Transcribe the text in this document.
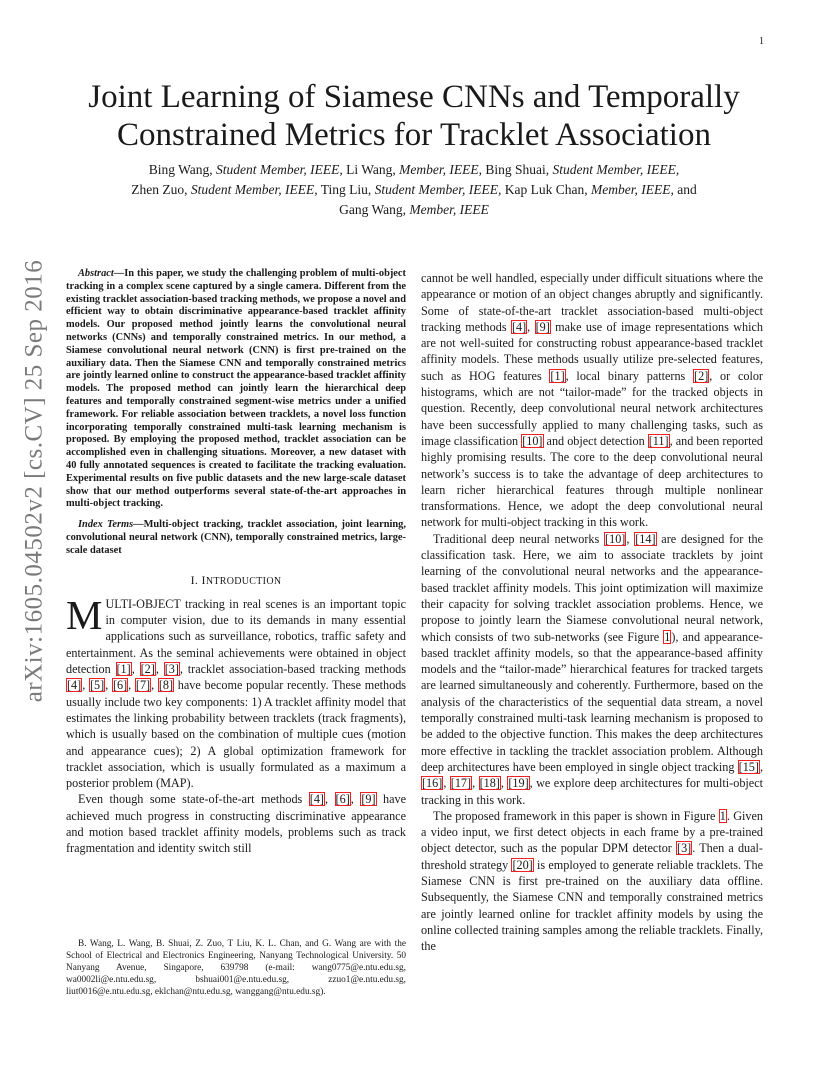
1
arXiv:1605.04502v2 [cs.CV] 25 Sep 2016
Joint Learning of Siamese CNNs and Temporally
Constrained Metrics for Tracklet Association
Bing Wang, Student Member, IEEE, Li Wang, Member, IEEE, Bing Shuai, Student Member, IEEE,
Zhen Zuo, Student Member, IEEE, Ting Liu, Student Member, IEEE, Kap Luk Chan, Member, IEEE, and
Gang Wang, Member, IEEE

Abstract—In this paper, we study the challenging problem of multi-object tracking in a complex scene captured by a single camera. Different from the existing tracklet association-based tracking methods, we propose a novel and efficient way to obtain discriminative appearance-based tracklet affinity models. Our proposed method jointly learns the convolutional neural networks (CNNs) and temporally constrained metrics. In our method, a Siamese convolutional neural network (CNN) is first pre-trained on the auxiliary data. Then the Siamese CNN and temporally constrained metrics are jointly learned online to construct the appearance-based tracklet affinity models. The proposed method can jointly learn the hierarchical deep features and temporally constrained segment-wise metrics under a unified framework. For reliable association between tracklets, a novel loss function incorporating temporally constrained multi-task learning mechanism is proposed. By employing the proposed method, tracklet association can be accomplished even in challenging situations. Moreover, a new dataset with 40 fully annotated sequences is created to facilitate the tracking evaluation. Experimental results on five public datasets and the new large-scale dataset show that our method outperforms several state-of-the-art approaches in multi-object tracking.

Index Terms—Multi-object tracking, tracklet association, joint learning, convolutional neural network (CNN), temporally constrained metrics, large-scale dataset

I. INTRODUCTION

MULTI-OBJECT tracking in real scenes is an important topic in computer vision, due to its demands in many essential applications such as surveillance, robotics, traffic safety and entertainment. As the seminal achievements were obtained in object detection [1], [2], [3], tracklet association-based tracking methods [4], [5], [6], [7], [8] have become popular recently. These methods usually include two key components: 1) A tracklet affinity model that estimates the linking probability between tracklets (track fragments), which is usually based on the combination of multiple cues (motion and appearance cues); 2) A global optimization framework for tracklet association, which is usually formulated as a maximum a posterior problem (MAP).

Even though some state-of-the-art methods [4], [6], [9] have achieved much progress in constructing discriminative appearance and motion based tracklet affinity models, problems such as track fragmentation and identity switch still

B. Wang, L. Wang, B. Shuai, Z. Zuo, T Liu, K. L. Chan, and G. Wang are with the School of Electrical and Electronics Engineering, Nanyang Technological University. 50 Nanyang Avenue, Singapore, 639798 (e-mail: wang0775@e.ntu.edu.sg, wa0002li@e.ntu.edu.sg, bshuai001@e.ntu.edu.sg, zzuo1@e.ntu.edu.sg, liut0016@e.ntu.edu.sg, eklchan@ntu.edu.sg, wanggang@ntu.edu.sg).

cannot be well handled, especially under difficult situations where the appearance or motion of an object changes abruptly and significantly. Some of state-of-the-art tracklet association-based multi-object tracking methods [4], [9] make use of image representations which are not well-suited for constructing robust appearance-based tracklet affinity models. These methods usually utilize pre-selected features, such as HOG features [1], local binary patterns [2], or color histograms, which are not “tailor-made” for the tracked objects in question. Recently, deep convolutional neural network architectures have been successfully applied to many challenging tasks, such as image classification [10] and object detection [11], and been reported highly promising results. The core to the deep convolutional neural network’s success is to take the advantage of deep architectures to learn richer hierarchical features through multiple nonlinear transformations. Hence, we adopt the deep convolutional neural network for multi-object tracking in this work.

Traditional deep neural networks [10], [14] are designed for the classification task. Here, we aim to associate tracklets by joint learning of the convolutional neural networks and the appearance-based tracklet affinity models. This joint optimization will maximize their capacity for solving tracklet association problems. Hence, we propose to jointly learn the Siamese convolutional neural network, which consists of two sub-networks (see Figure 1), and appearance-based tracklet affinity models, so that the appearance-based affinity models and the “tailor-made” hierarchical features for tracked targets are learned simultaneously and coherently. Furthermore, based on the analysis of the characteristics of the sequential data stream, a novel temporally constrained multi-task learning mechanism is proposed to be added to the objective function. This makes the deep architectures more effective in tackling the tracklet association problem. Although deep architectures have been employed in single object tracking [15], [16], [17], [18], [19], we explore deep architectures for multi-object tracking in this work.

The proposed framework in this paper is shown in Figure 1. Given a video input, we first detect objects in each frame by a pre-trained object detector, such as the popular DPM detector [3]. Then a dual-threshold strategy [20] is employed to generate reliable tracklets. The Siamese CNN is first pre-trained on the auxiliary data offline. Subsequently, the Siamese CNN and temporally constrained metrics are jointly learned online for tracklet affinity models by using the online collected training samples among the reliable tracklets. Finally, the
